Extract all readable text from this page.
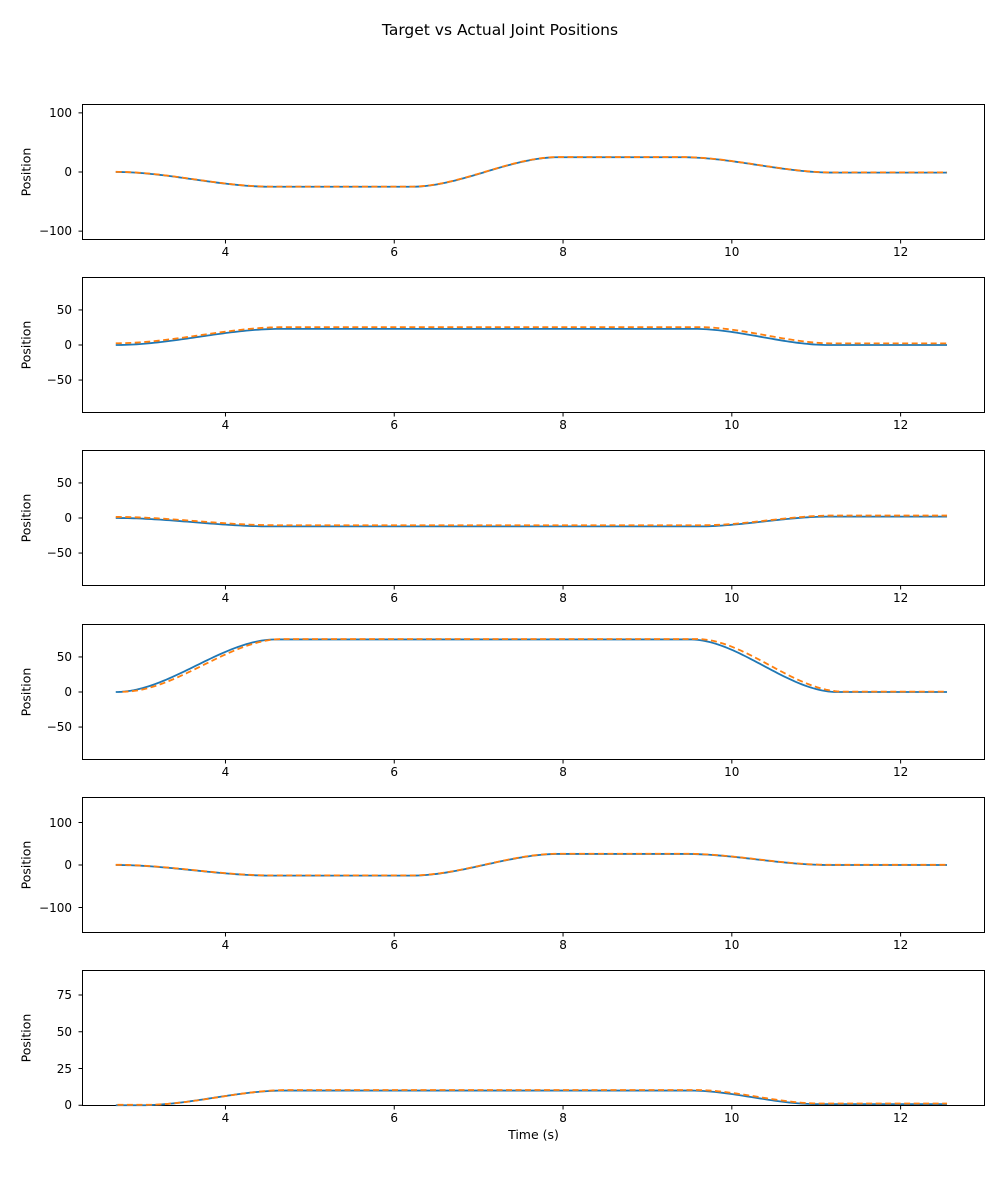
Target vs Actual Joint Positions
4	6	8	10	12
100
0
−100
Position
4	6	8	10	12
50
0
−50
Position
4	6	8	10	12
50
0
−50
Position
4	6	8	10	12
50
0
−50
Position
4	6	8	10	12
100
0
−100
Position
4	6	8	10	12
75
50
25
0
Position
Time (s)
